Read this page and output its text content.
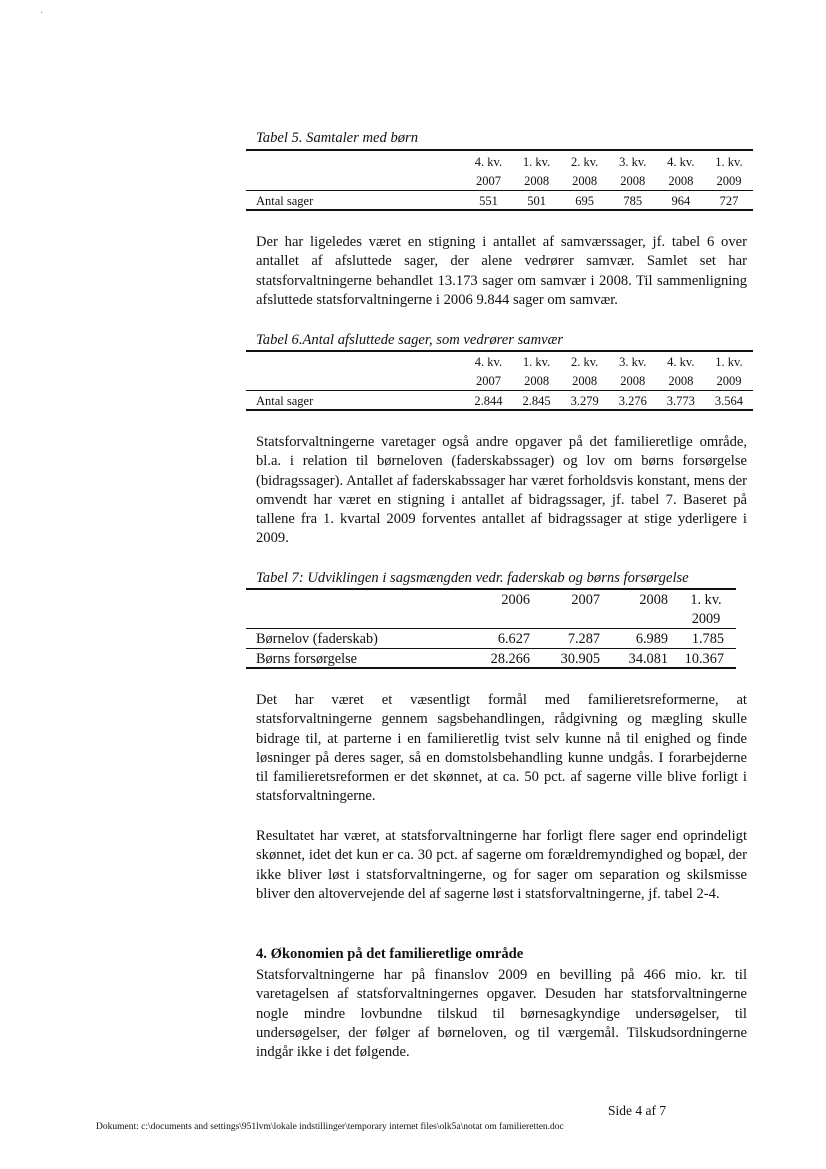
·
Tabel 5. Samtaler med børn
	4. kv.	1. kv.	2. kv.	3. kv.	4. kv.	1. kv.
	2007	2008	2008	2008	2008	2009
Antal sager	551	501	695	785	964	727
Der har ligeledes været en stigning i antallet af samværssager, jf. tabel 6 over antallet af afsluttede sager, der alene vedrører samvær. Samlet set har statsforvaltningerne behandlet 13.173 sager om samvær i 2008. Til sammenligning afsluttede statsforvaltningerne i 2006 9.844 sager om samvær.
Tabel 6.Antal afsluttede sager, som vedrører samvær
	4. kv.	1. kv.	2. kv.	3. kv.	4. kv.	1. kv.
	2007	2008	2008	2008	2008	2009
Antal sager	2.844	2.845	3.279	3.276	3.773	3.564
Statsforvaltningerne varetager også andre opgaver på det familieretlige område, bl.a. i relation til børneloven (faderskabssager) og lov om børns forsørgelse (bidragssager). Antallet af faderskabssager har været forholdsvis konstant, mens der omvendt har været en stigning i antallet af bidragssager, jf. tabel 7. Baseret på tallene fra 1. kvartal 2009 forventes antallet af bidragssager at stige yderligere i 2009.
Tabel 7: Udviklingen i sagsmængden vedr. faderskab og børns forsørgelse
	2006	2007	2008	1. kv.
				2009
Børnelov (faderskab)	6.627	7.287	6.989	1.785
Børns forsørgelse	28.266	30.905	34.081	10.367
Det har været et væsentligt formål med familieretsreformerne, at statsforvaltningerne gennem sagsbehandlingen, rådgivning og mægling skulle bidrage til, at parterne i en familieretlig tvist selv kunne nå til enighed og finde løsninger på deres sager, så en domstolsbehandling kunne undgås. I forarbejderne til familieretsreformen er det skønnet, at ca. 50 pct. af sagerne ville blive forligt i statsforvaltningerne.
Resultatet har været, at statsforvaltningerne har forligt flere sager end oprindeligt skønnet, idet det kun er ca. 30 pct. af sagerne om forældremyndighed og bopæl, der ikke bliver løst i statsforvaltningerne, og for sager om separation og skilsmisse bliver den altovervejende del af sagerne løst i statsforvaltningerne, jf. tabel 2-4.
4. Økonomien på det familieretlige område
Statsforvaltningerne har på finanslov 2009 en bevilling på 466 mio. kr. til varetagelsen af statsforvaltningernes opgaver. Desuden har statsforvaltningerne nogle mindre lovbundne tilskud til børnesagkyndige undersøgelser, til undersøgelser, der følger af børneloven, og til værgemål. Tilskudsordningerne indgår ikke i det følgende.
Side 4 af 7
Dokument: c:\documents and settings\951lvm\lokale indstillinger\temporary internet files\olk5a\notat om familieretten.doc
